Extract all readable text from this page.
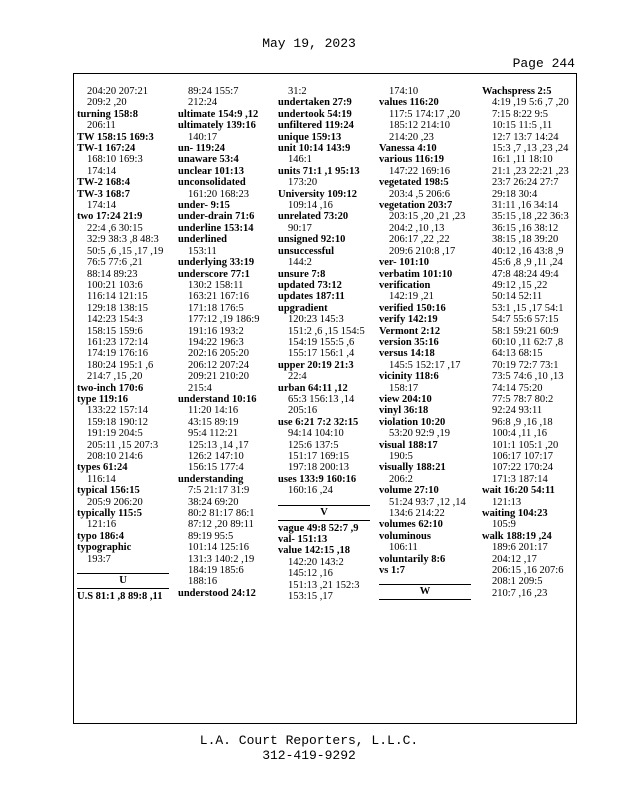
May 19, 2023
Page 244
204:20 207:21
209:2 ,20
turning 158:8
206:11
TW 158:15 169:3
TW-1 167:24
168:10 169:3
174:14
TW-2 168:4
TW-3 168:7
174:14
two 17:24 21:9
22:4 ,6 30:15
32:9 38:3 ,8 48:3
50:5 ,6 ,15 ,17 ,19
76:5 77:6 ,21
88:14 89:23
100:21 103:6
116:14 121:15
129:18 138:15
142:23 154:3
158:15 159:6
161:23 172:14
174:19 176:16
180:24 195:1 ,6
214:7 ,15 ,20
two-inch 170:6
type 119:16
133:22 157:14
159:18 190:12
191:19 204:5
205:11 ,15 207:3
208:10 214:6
types 61:24
116:14
typical 156:15
205:9 206:20
typically 115:5
121:16
typo 186:4
typographic
193:7
U
U.S 81:1 ,8 89:8 ,11
89:24 155:7
212:24
ultimate 154:9 ,12
ultimately 139:16
140:17
un- 119:24
unaware 53:4
unclear 101:13
unconsolidated
161:20 168:23
under- 9:15
under-drain 71:6
underline 153:14
underlined
153:11
underlying 33:19
underscore 77:1
130:2 158:11
163:21 167:16
171:18 176:5
177:12 ,19 186:9
191:16 193:2
194:22 196:3
202:16 205:20
206:12 207:24
209:21 210:20
215:4
understand 10:16
11:20 14:16
43:15 89:19
95:4 112:21
125:13 ,14 ,17
126:2 147:10
156:15 177:4
understanding
7:5 21:17 31:9
38:24 69:20
80:2 81:17 86:1
87:12 ,20 89:11
89:19 95:5
101:14 125:16
131:3 140:2 ,19
184:19 185:6
188:16
understood 24:12
31:2
undertaken 27:9
undertook 54:19
unfiltered 119:24
unique 159:13
unit 10:14 143:9
146:1
units 71:1 ,1 95:13
173:20
University 109:12
109:14 ,16
unrelated 73:20
90:17
unsigned 92:10
unsuccessful
144:2
unsure 7:8
updated 73:12
updates 187:11
upgradient
120:23 145:3
151:2 ,6 ,15 154:5
154:19 155:5 ,6
155:17 156:1 ,4
upper 20:19 21:3
22:4
urban 64:11 ,12
65:3 156:13 ,14
205:16
use 6:21 7:2 32:15
94:14 104:10
125:6 137:5
151:17 169:15
197:18 200:13
uses 133:9 160:16
160:16 ,24
V
vague 49:8 52:7 ,9
val- 151:13
value 142:15 ,18
142:20 143:2
145:12 ,16
151:13 ,21 152:3
153:15 ,17
174:10
values 116:20
117:5 174:17 ,20
185:12 214:10
214:20 ,23
Vanessa 4:10
various 116:19
147:22 169:16
vegetated 198:5
203:4 ,5 206:6
vegetation 203:7
203:15 ,20 ,21 ,23
204:2 ,10 ,13
206:17 ,22 ,22
209:6 210:8 ,17
ver- 101:10
verbatim 101:10
verification
142:19 ,21
verified 150:16
verify 142:19
Vermont 2:12
version 35:16
versus 14:18
145:5 152:17 ,17
vicinity 118:6
158:17
view 204:10
vinyl 36:18
violation 10:20
53:20 92:9 ,19
visual 188:17
190:5
visually 188:21
206:2
volume 27:10
51:24 93:7 ,12 ,14
134:6 214:22
volumes 62:10
voluminous
106:11
voluntarily 8:6
vs 1:7
W
Wachspress 2:5
4:19 ,19 5:6 ,7 ,20
7:15 8:22 9:5
10:15 11:5 ,11
12:7 13:7 14:24
15:3 ,7 ,13 ,23 ,24
16:1 ,11 18:10
21:1 ,23 22:21 ,23
23:7 26:24 27:7
29:18 30:4
31:11 ,16 34:14
35:15 ,18 ,22 36:3
36:15 ,16 38:12
38:15 ,18 39:20
40:12 ,16 43:8 ,9
45:6 ,8 ,9 ,11 ,24
47:8 48:24 49:4
49:12 ,15 ,22
50:14 52:11
53:1 ,15 ,17 54:1
54:7 55:6 57:15
58:1 59:21 60:9
60:10 ,11 62:7 ,8
64:13 68:15
70:19 72:7 73:1
73:5 74:6 ,10 ,13
74:14 75:20
77:5 78:7 80:2
92:24 93:11
96:8 ,9 ,16 ,18
100:4 ,11 ,16
101:1 105:1 ,20
106:17 107:17
107:22 170:24
171:3 187:14
wait 16:20 54:11
121:13
waiting 104:23
105:9
walk 188:19 ,24
189:6 201:17
204:12 ,17
206:15 ,16 207:6
208:1 209:5
210:7 ,16 ,23
L.A. Court Reporters, L.L.C.
312-419-9292
